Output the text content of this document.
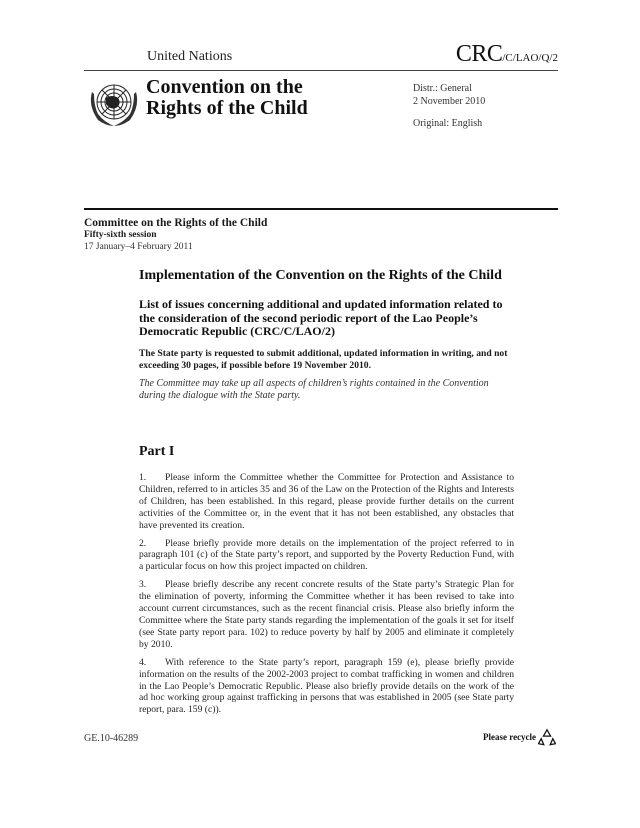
United Nations	CRC/C/LAO/Q/2
Convention on the
Rights of the Child
Distr.: General
2 November 2010
Original: English
Committee on the Rights of the Child
Fifty-sixth session
17 January–4 February 2011
Implementation of the Convention on the Rights of the Child
List of issues concerning additional and updated information related to the consideration of the second periodic report of the Lao People’s Democratic Republic (CRC/C/LAO/2)
The State party is requested to submit additional, updated information in writing, and not exceeding 30 pages, if possible before 19 November 2010.
The Committee may take up all aspects of children’s rights contained in the Convention during the dialogue with the State party.
Part I

1. Please inform the Committee whether the Committee for Protection and Assistance to Children, referred to in articles 35 and 36 of the Law on the Protection of the Rights and Interests of Children, has been established. In this regard, please provide further details on the current activities of the Committee or, in the event that it has not been established, any obstacles that have prevented its creation.

2. Please briefly provide more details on the implementation of the project referred to in paragraph 101 (c) of the State party’s report, and supported by the Poverty Reduction Fund, with a particular focus on how this project impacted on children.

3. Please briefly describe any recent concrete results of the State party’s Strategic Plan for the elimination of poverty, informing the Committee whether it has been revised to take into account current circumstances, such as the recent financial crisis. Please also briefly inform the Committee where the State party stands regarding the implementation of the goals it set for itself (see State party report para. 102) to reduce poverty by half by 2005 and eliminate it completely by 2010.

4. With reference to the State party’s report, paragraph 159 (e), please briefly provide information on the results of the 2002-2003 project to combat trafficking in women and children in the Lao People’s Democratic Republic. Please also briefly provide details on the work of the ad hoc working group against trafficking in persons that was established in 2005 (see State party report, para. 159 (c)).

GE.10-46289	Please recycle
